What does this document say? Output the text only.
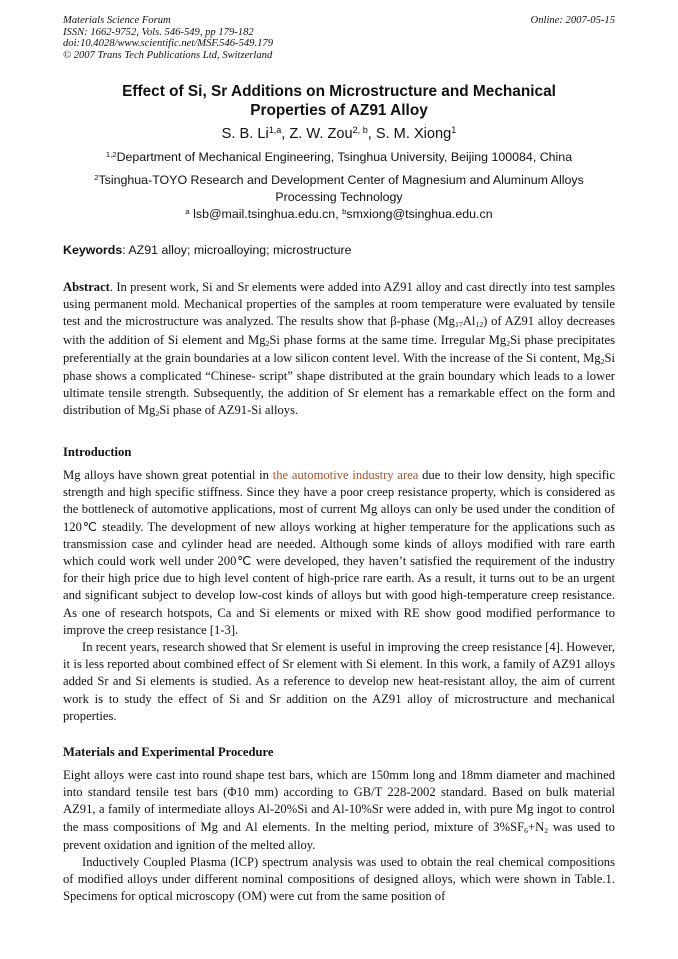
Materials Science Forum
ISSN: 1662-9752, Vols. 546-549, pp 179-182
doi:10.4028/www.scientific.net/MSF.546-549.179
© 2007 Trans Tech Publications Ltd, Switzerland
Online: 2007-05-15
Effect of Si, Sr Additions on Microstructure and Mechanical
Properties of AZ91 Alloy
S. B. Li$^{1,a}$, Z. W. Zou$^{2, b}$, S. M. Xiong$^1$
$^{1,2}$Department of Mechanical Engineering, Tsinghua University, Beijing 100084, China
$^2$Tsinghua-TOYO Research and Development Center of Magnesium and Aluminum Alloys
Processing Technology
$^a$ lsb@mail.tsinghua.edu.cn, $^b$smxiong@tsinghua.edu.cn
Keywords: AZ91 alloy; microalloying; microstructure
Abstract. In present work, Si and Sr elements were added into AZ91 alloy and cast directly into test samples using permanent mold. Mechanical properties of the samples at room temperature were evaluated by tensile test and the microstructure was analyzed. The results show that β-phase $(Mg_{17}Al_{12})$ of AZ91 alloy decreases with the addition of Si element and $Mg_2Si$ phase forms at the same time. Irregular $Mg_2Si$ phase precipitates preferentially at the grain boundaries at a low silicon content level. With the increase of the Si content, $Mg_2Si$ phase shows a complicated “Chinese- script” shape distributed at the grain boundary which leads to a lower ultimate tensile strength. Subsequently, the addition of Sr element has a remarkable effect on the form and distribution of $Mg_2Si$ phase of AZ91-Si alloys.
Introduction

Mg alloys have shown great potential in the automotive industry area due to their low density, high specific strength and high specific stiffness. Since they have a poor creep resistance property, which is considered as the bottleneck of automotive applications, most of current Mg alloys can only be used under the condition of 120℃ steadily. The development of new alloys working at higher temperature for the applications such as transmission case and cylinder head are needed. Although some kinds of alloys modified with rare earth which could work well under 200℃ were developed, they haven’t satisfied the requirement of the industry for their high price due to high level content of high-price rare earth. As a result, it turns out to be an urgent and significant subject to develop low-cost kinds of alloys but with good high-temperature creep resistance. As one of research hotspots, Ca and Si elements or mixed with RE show good modified performance to improve the creep resistance [1-3].

In recent years, research showed that Sr element is useful in improving the creep resistance [4]. However, it is less reported about combined effect of Sr element with Si element. In this work, a family of AZ91 alloys added Sr and Si elements is studied. As a reference to develop new heat-resistant alloy, the aim of current work is to study the effect of Si and Sr addition on the AZ91 alloy of microstructure and mechanical properties.

Materials and Experimental Procedure

Eight alloys were cast into round shape test bars, which are 150mm long and 18mm diameter and machined into standard tensile test bars (Φ10 mm) according to GB/T 228-2002 standard. Based on bulk material AZ91, a family of intermediate alloys Al-20%Si and Al-10%Sr were added in, with pure Mg ingot to control the mass compositions of Mg and Al elements. In the melting period, mixture of $3\%SF_6+N_2$ was used to prevent oxidation and ignition of the melted alloy.

Inductively Coupled Plasma (ICP) spectrum analysis was used to obtain the real chemical compositions of modified alloys under different nominal compositions of designed alloys, which were shown in Table.1. Specimens for optical microscopy (OM) were cut from the same position of
